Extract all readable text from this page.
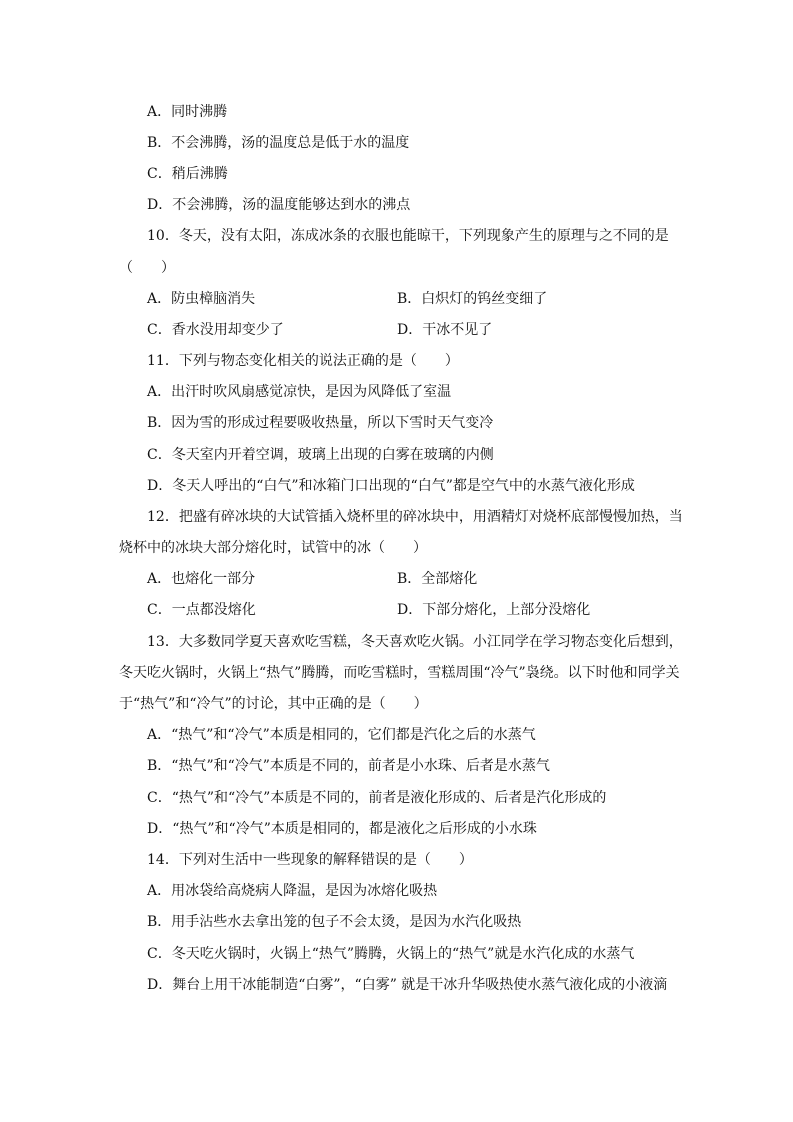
A．同时沸腾
B．不会沸腾，汤的温度总是低于水的温度
C．稍后沸腾
D．不会沸腾，汤的温度能够达到水的沸点
10．冬天，没有太阳，冻成冰条的衣服也能晾干，下列现象产生的原理与之不同的是
（　　）
A．防虫樟脑消失	B．白炽灯的钨丝变细了
C．香水没用却变少了	D．干冰不见了
11．下列与物态变化相关的说法正确的是（　　）
A．出汗时吹风扇感觉凉快，是因为风降低了室温
B．因为雪的形成过程要吸收热量，所以下雪时天气变冷
C．冬天室内开着空调，玻璃上出现的白雾在玻璃的内侧
D．冬天人呼出的“白气”和冰箱门口出现的“白气”都是空气中的水蒸气液化形成
12．把盛有碎冰块的大试管插入烧杯里的碎冰块中，用酒精灯对烧杯底部慢慢加热，当
烧杯中的冰块大部分熔化时，试管中的冰（　　）
A．也熔化一部分	B．全部熔化
C．一点都没熔化	D．下部分熔化，上部分没熔化
13．大多数同学夏天喜欢吃雪糕，冬天喜欢吃火锅。小江同学在学习物态变化后想到，
冬天吃火锅时，火锅上“热气”腾腾，而吃雪糕时，雪糕周围“冷气”袅绕。以下时他和同学关
于“热气”和“冷气”的讨论，其中正确的是（　　）
A．“热气”和“冷气”本质是相同的，它们都是汽化之后的水蒸气
B．“热气”和“冷气”本质是不同的，前者是小水珠、后者是水蒸气
C．“热气”和“冷气”本质是不同的，前者是液化形成的、后者是汽化形成的
D．“热气”和“冷气”本质是相同的，都是液化之后形成的小水珠
14．下列对生活中一些现象的解释错误的是（　　）
A．用冰袋给高烧病人降温，是因为冰熔化吸热
B．用手沾些水去拿出笼的包子不会太烫，是因为水汽化吸热
C．冬天吃火锅时，火锅上“热气”腾腾，火锅上的“热气”就是水汽化成的水蒸气
D．舞台上用干冰能制造“白雾”，“白雾” 就是干冰升华吸热使水蒸气液化成的小液滴
